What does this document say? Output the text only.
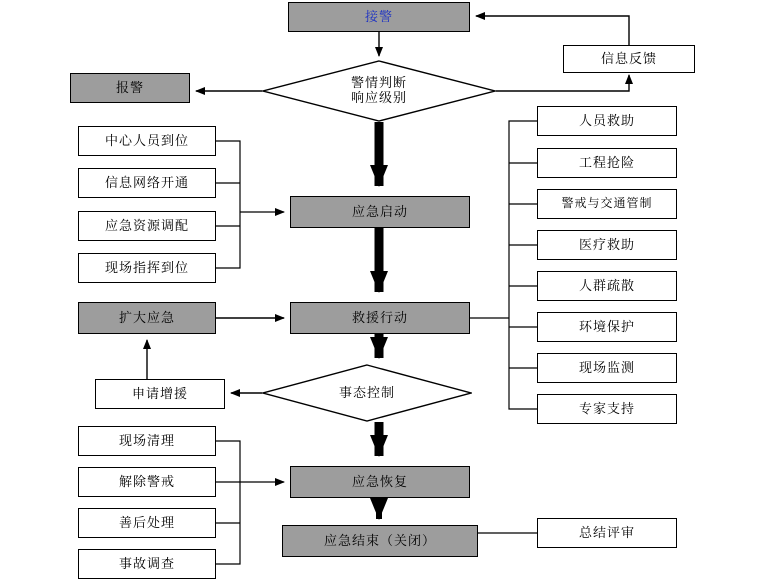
接警
信息反馈
报警	警情判断
响应级别
中心人员到位
信息网络开通
应急资源调配
现场指挥到位
应急启动
人员救助
工程抢险
警戒与交通管制
医疗救助
人群疏散
环境保护
现场监测
专家支持
扩大应急	救援行动
申请增援	事态控制
现场清理
解除警戒
善后处理
事故调查
应急恢复
应急结束（关闭）
总结评审
